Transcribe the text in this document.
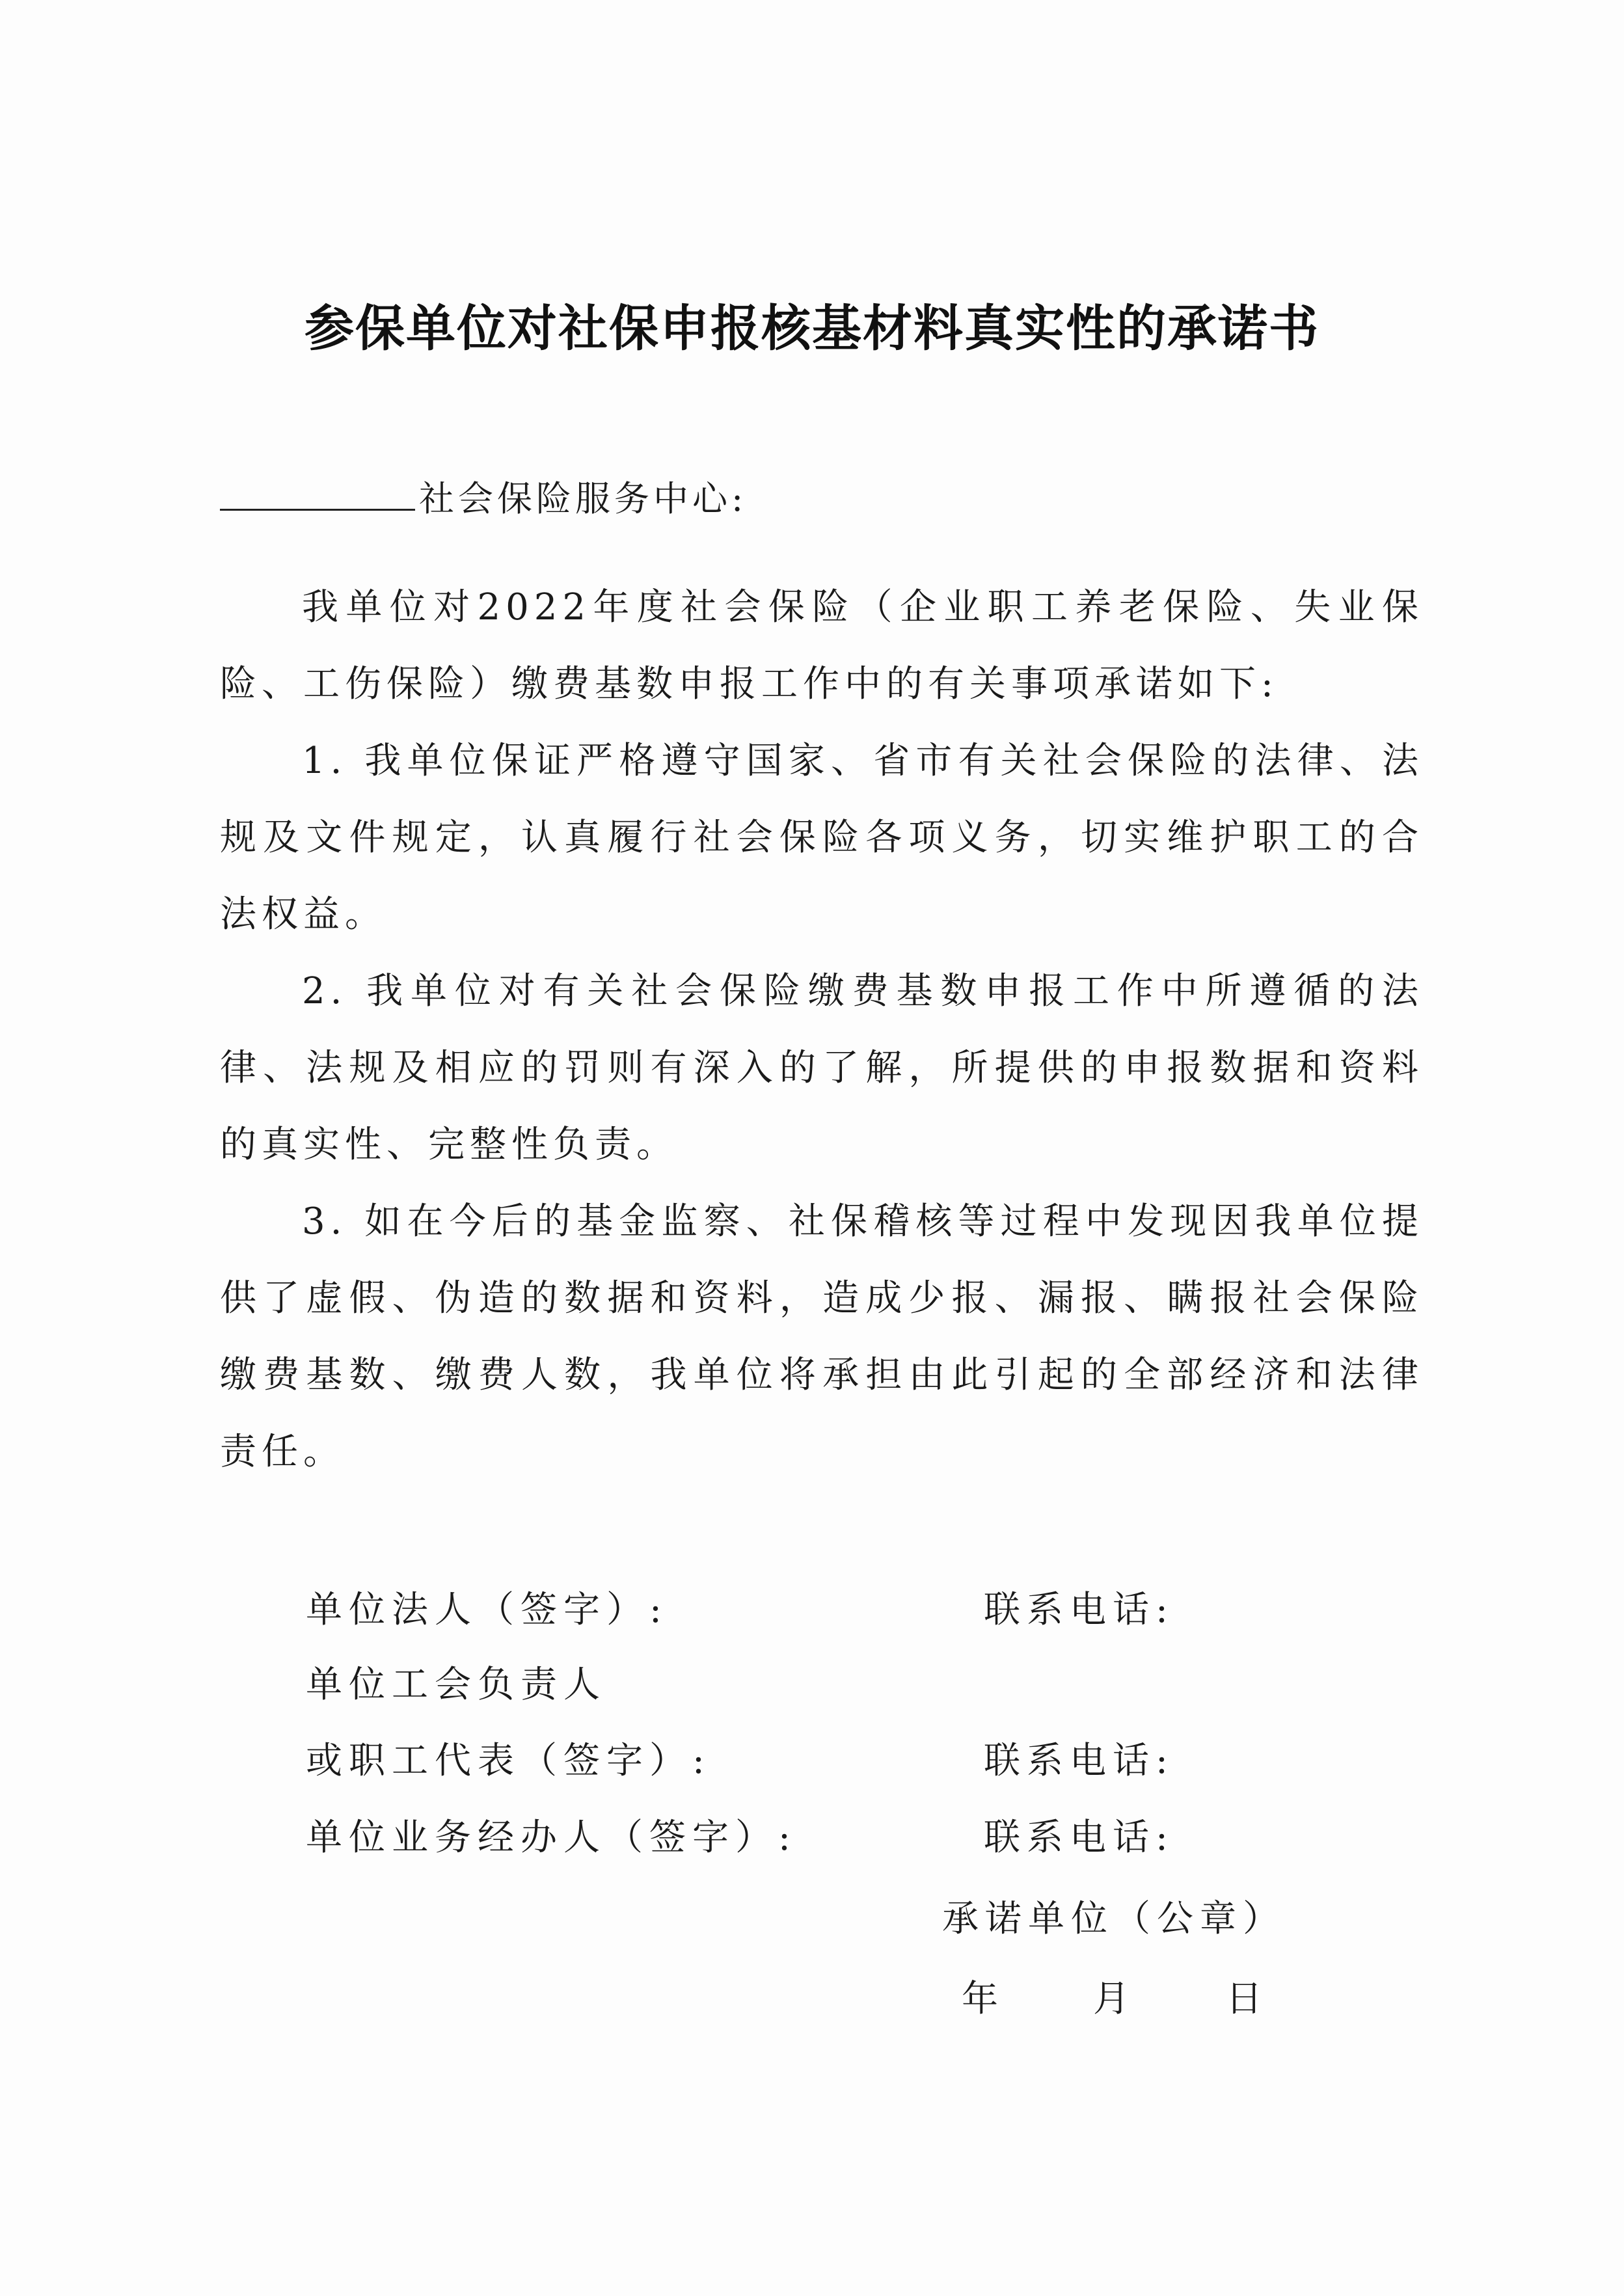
参保单位对社保申报核基材料真实性的承诺书
社会保险服务中心:

我单位对2022年度社会保险（企业职工养老保险、失业保险、工伤保险）缴费基数申报工作中的有关事项承诺如下:

1. 我单位保证严格遵守国家、省市有关社会保险的法律、法规及文件规定，认真履行社会保险各项义务，切实维护职工的合法权益。

2. 我单位对有关社会保险缴费基数申报工作中所遵循的法律、法规及相应的罚则有深入的了解，所提供的申报数据和资料的真实性、完整性负责。

3. 如在今后的基金监察、社保稽核等过程中发现因我单位提供了虚假、伪造的数据和资料，造成少报、漏报、瞒报社会保险缴费基数、缴费人数，我单位将承担由此引起的全部经济和法律责任。

单位法人（签字）:	联系电话:
单位工会负责人
或职工代表（签字）:	联系电话:
单位业务经办人（签字）:	联系电话:
承诺单位（公章）
年	月	日
